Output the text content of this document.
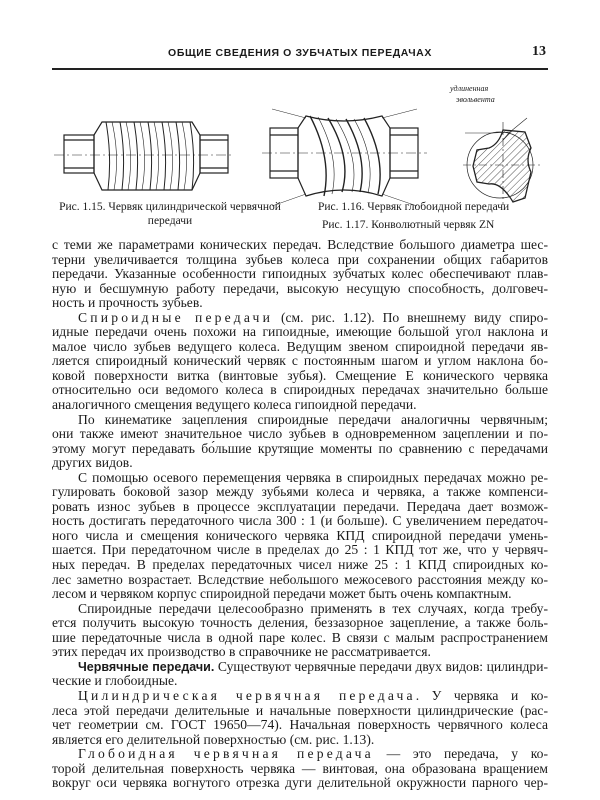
ОБЩИЕ СВЕДЕНИЯ О ЗУБЧАТЫХ ПЕРЕДАЧАХ	13
Рис. 1.15. Червяк цилиндрической червячной
передачи
удлиненная
эвольвента
Рис. 1.16. Червяк глобоидной передачи
Рис. 1.17. Конволютный червяк ZN
с теми же параметрами конических передач. Вследствие большого диаметра шес-
терни увеличивается толщина зубьев колеса при сохранении общих габаритов
передачи. Указанные особенности гипоидных зубчатых колес обеспечивают плав-
ную и бесшумную работу передачи, высокую несущую способность, долговеч-
ность и прочность зубьев.
Спироидные передачи (см. рис. 1.12). По внешнему виду спиро-
идные передачи очень похожи на гипоидные, имеющие большой угол наклона и
малое число зубьев ведущего колеса. Ведущим звеном спироидной передачи яв-
ляется спироидный конический червяк с постоянным шагом и углом наклона бо-
ковой поверхности витка (винтовые зубья). Смещение E конического червяка
относительно оси ведомого колеса в спироидных передачах значительно больше
аналогичного смещения ведущего колеса гипоидной передачи.
По кинематике зацепления спироидные передачи аналогичны червячным;
они также имеют значительное число зубьев в одновременном зацеплении и по-
этому могут передавать бо́льшие крутящие моменты по сравнению с передачами
других видов.
С помощью осевого перемещения червяка в спироидных передачах можно ре-
гулировать боковой зазор между зубьями колеса и червяка, а также компенси-
ровать износ зубьев в процессе эксплуатации передачи. Передача дает возмож-
ность достигать передаточного числа 300 : 1 (и больше). С увеличением передаточ-
ного числа и смещения конического червяка КПД спироидной передачи умень-
шается. При передаточном числе в пределах до 25 : 1 КПД тот же, что у червяч-
ных передач. В пределах передаточных чисел ниже 25 : 1 КПД спироидных ко-
лес заметно возрастает. Вследствие небольшого межосевого расстояния между ко-
лесом и червяком корпус спироидной передачи может быть очень компактным.
Спироидные передачи целесообразно применять в тех случаях, когда требу-
ется получить высокую точность деления, беззазорное зацепление, а также боль-
шие передаточные числа в одной паре колес. В связи с малым распространением
этих передач их производство в справочнике не рассматривается.
Червячные передачи. Существуют червячные передачи двух видов: цилиндри-
ческие и глобоидные.
Цилиндрическая червячная передача. У червяка и ко-
леса этой передачи делительные и начальные поверхности цилиндрические (рас-
чет геометрии см. ГОСТ 19650—74). Начальная поверхность червячного колеса
является его делительной поверхностью (см. рис. 1.13).
Глобоидная червячная передача — это передача, у ко-
торой делительная поверхность червяка — винтовая, она образована вращением
вокруг оси червяка вогнутого отрезка дуги делительной окружности парного чер-
